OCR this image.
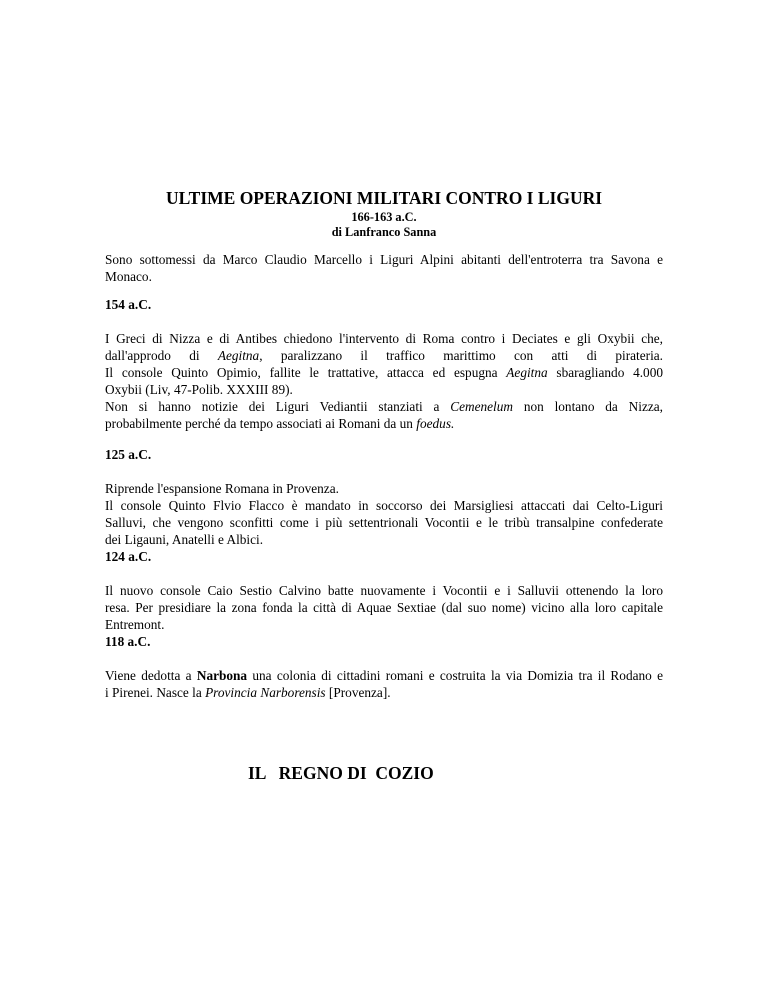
ULTIME OPERAZIONI MILITARI CONTRO I LIGURI

166-163 a.C.

di Lanfranco Sanna

Sono sottomessi da Marco Claudio Marcello i Liguri Alpini abitanti dell'entroterra tra Savona e
Monaco.

154 a.C.

I Greci di Nizza e di Antibes chiedono l'intervento di Roma contro i Deciates e gli Oxybii che,
dall'approdo di Aegitna, paralizzano il traffico marittimo con atti di pirateria.
Il console Quinto Opimio, fallite le trattative, attacca ed espugna Aegitna sbaragliando 4.000
Oxybii (Liv, 47-Polib. XXXIII 89).
Non si hanno notizie dei Liguri Vediantii stanziati a Cemenelum non lontano da Nizza,
probabilmente perché da tempo associati ai Romani da un foedus.

125 a.C.

Riprende l'espansione Romana in Provenza.
Il console Quinto Flvio Flacco è mandato in soccorso dei Marsigliesi attaccati dai Celto-Liguri
Salluvi, che vengono sconfitti come i più settentrionali Vocontii e le tribù transalpine confederate
dei Ligauni, Anatelli e Albici.

124 a.C.

Il nuovo console Caio Sestio Calvino batte nuovamente i Vocontii e i Salluvii ottenendo la loro
resa. Per presidiare la zona fonda la città di Aquae Sextiae (dal suo nome) vicino alla loro capitale
Entremont.

118 a.C.

Viene dedotta a Narbona una colonia di cittadini romani e costruita la via Domizia tra il Rodano e
i Pirenei. Nasce la Provincia Narborensis [Provenza].

IL   REGNO DI  COZIO
